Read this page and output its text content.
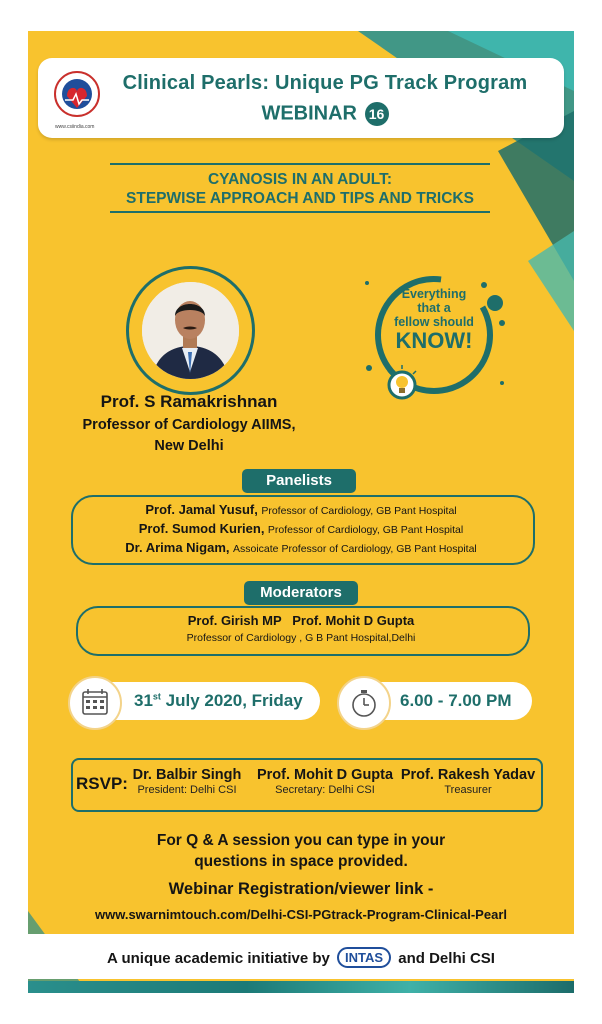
www.csiindia.com
Clinical Pearls: Unique PG Track Program
WEBINAR 16
CYANOSIS IN AN ADULT:
STEPWISE APPROACH AND TIPS AND TRICKS
Prof. S Ramakrishnan
Professor of Cardiology AIIMS,
New Delhi
Everything
that a
fellow should
KNOW!
Panelists
Prof. Jamal Yusuf, Professor of Cardiology, GB Pant Hospital
Prof. Sumod Kurien, Professor of Cardiology, GB Pant Hospital
Dr. Arima Nigam, Assoicate Professor of Cardiology, GB Pant Hospital
Moderators
Prof. Girish MP   Prof. Mohit D Gupta
Professor of Cardiology , G B Pant Hospital,Delhi
31st July 2020, Friday	6.00 - 7.00 PM
RSVP: Dr. Balbir Singh
President: Delhi CSI
Prof. Mohit D Gupta
Secretary: Delhi CSI
Prof. Rakesh Yadav
Treasurer
For Q & A session you can type in your
questions in space provided.
Webinar Registration/viewer link -
www.swarnimtouch.com/Delhi-CSI-PGtrack-Program-Clinical-Pearl
A unique academic initiative by INTAS and Delhi CSI
